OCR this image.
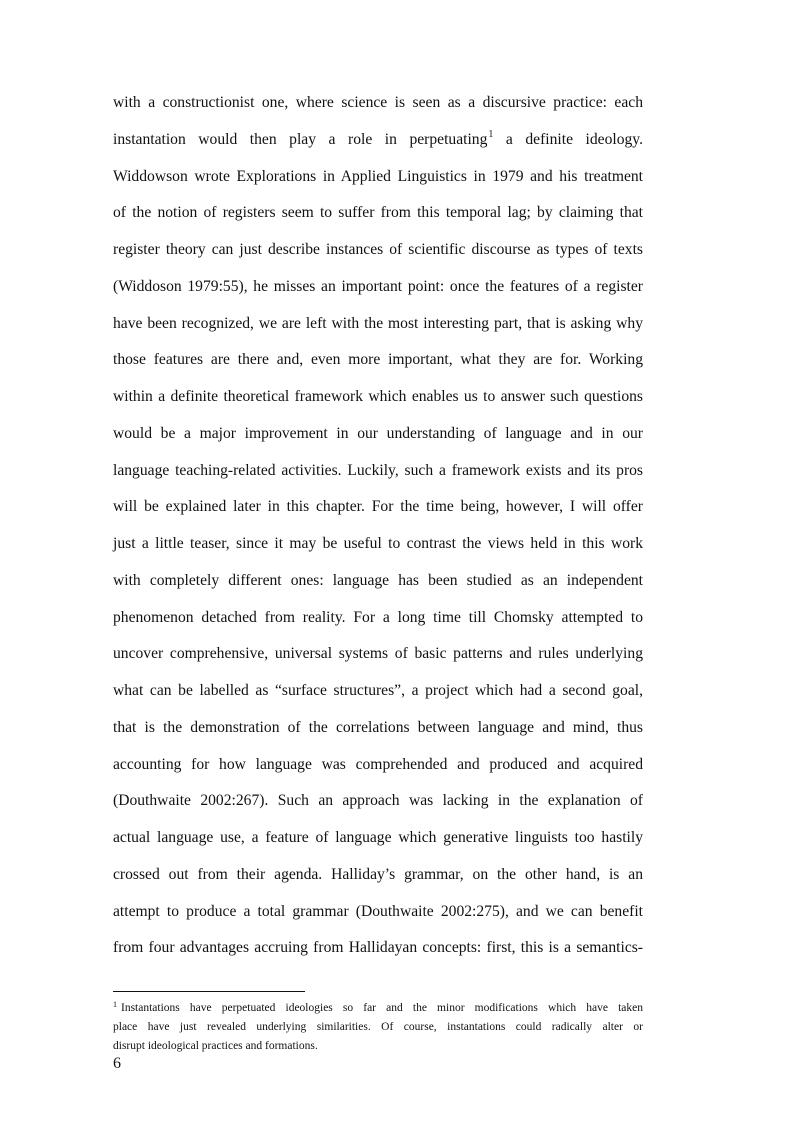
with a constructionist one, where science is seen as a discursive practice: each
instantation would then play a role in perpetuating$^1$ a definite ideology.
Widdowson wrote Explorations in Applied Linguistics in 1979 and his treatment
of the notion of registers seem to suffer from this temporal lag; by claiming that
register theory can just describe instances of scientific discourse as types of texts
(Widdoson 1979:55), he misses an important point: once the features of a register
have been recognized, we are left with the most interesting part, that is asking why
those features are there and, even more important, what they are for. Working
within a definite theoretical framework which enables us to answer such questions
would be a major improvement in our understanding of language and in our
language teaching-related activities. Luckily, such a framework exists and its pros
will be explained later in this chapter. For the time being, however, I will offer
just a little teaser, since it may be useful to contrast the views held in this work
with completely different ones: language has been studied as an independent
phenomenon detached from reality. For a long time till Chomsky attempted to
uncover comprehensive, universal systems of basic patterns and rules underlying
what can be labelled as “surface structures”, a project which had a second goal,
that is the demonstration of the correlations between language and mind, thus
accounting for how language was comprehended and produced and acquired
(Douthwaite 2002:267). Such an approach was lacking in the explanation of
actual language use, a feature of language which generative linguists too hastily
crossed out from their agenda. Halliday’s grammar, on the other hand, is an
attempt to produce a total grammar (Douthwaite 2002:275), and we can benefit
from four advantages accruing from Hallidayan concepts: first, this is a semantics-
$^1$ Instantations have perpetuated ideologies so far and the minor modifications which have taken
place have just revealed underlying similarities. Of course, instantations could radically alter or
disrupt ideological practices and formations.
6
